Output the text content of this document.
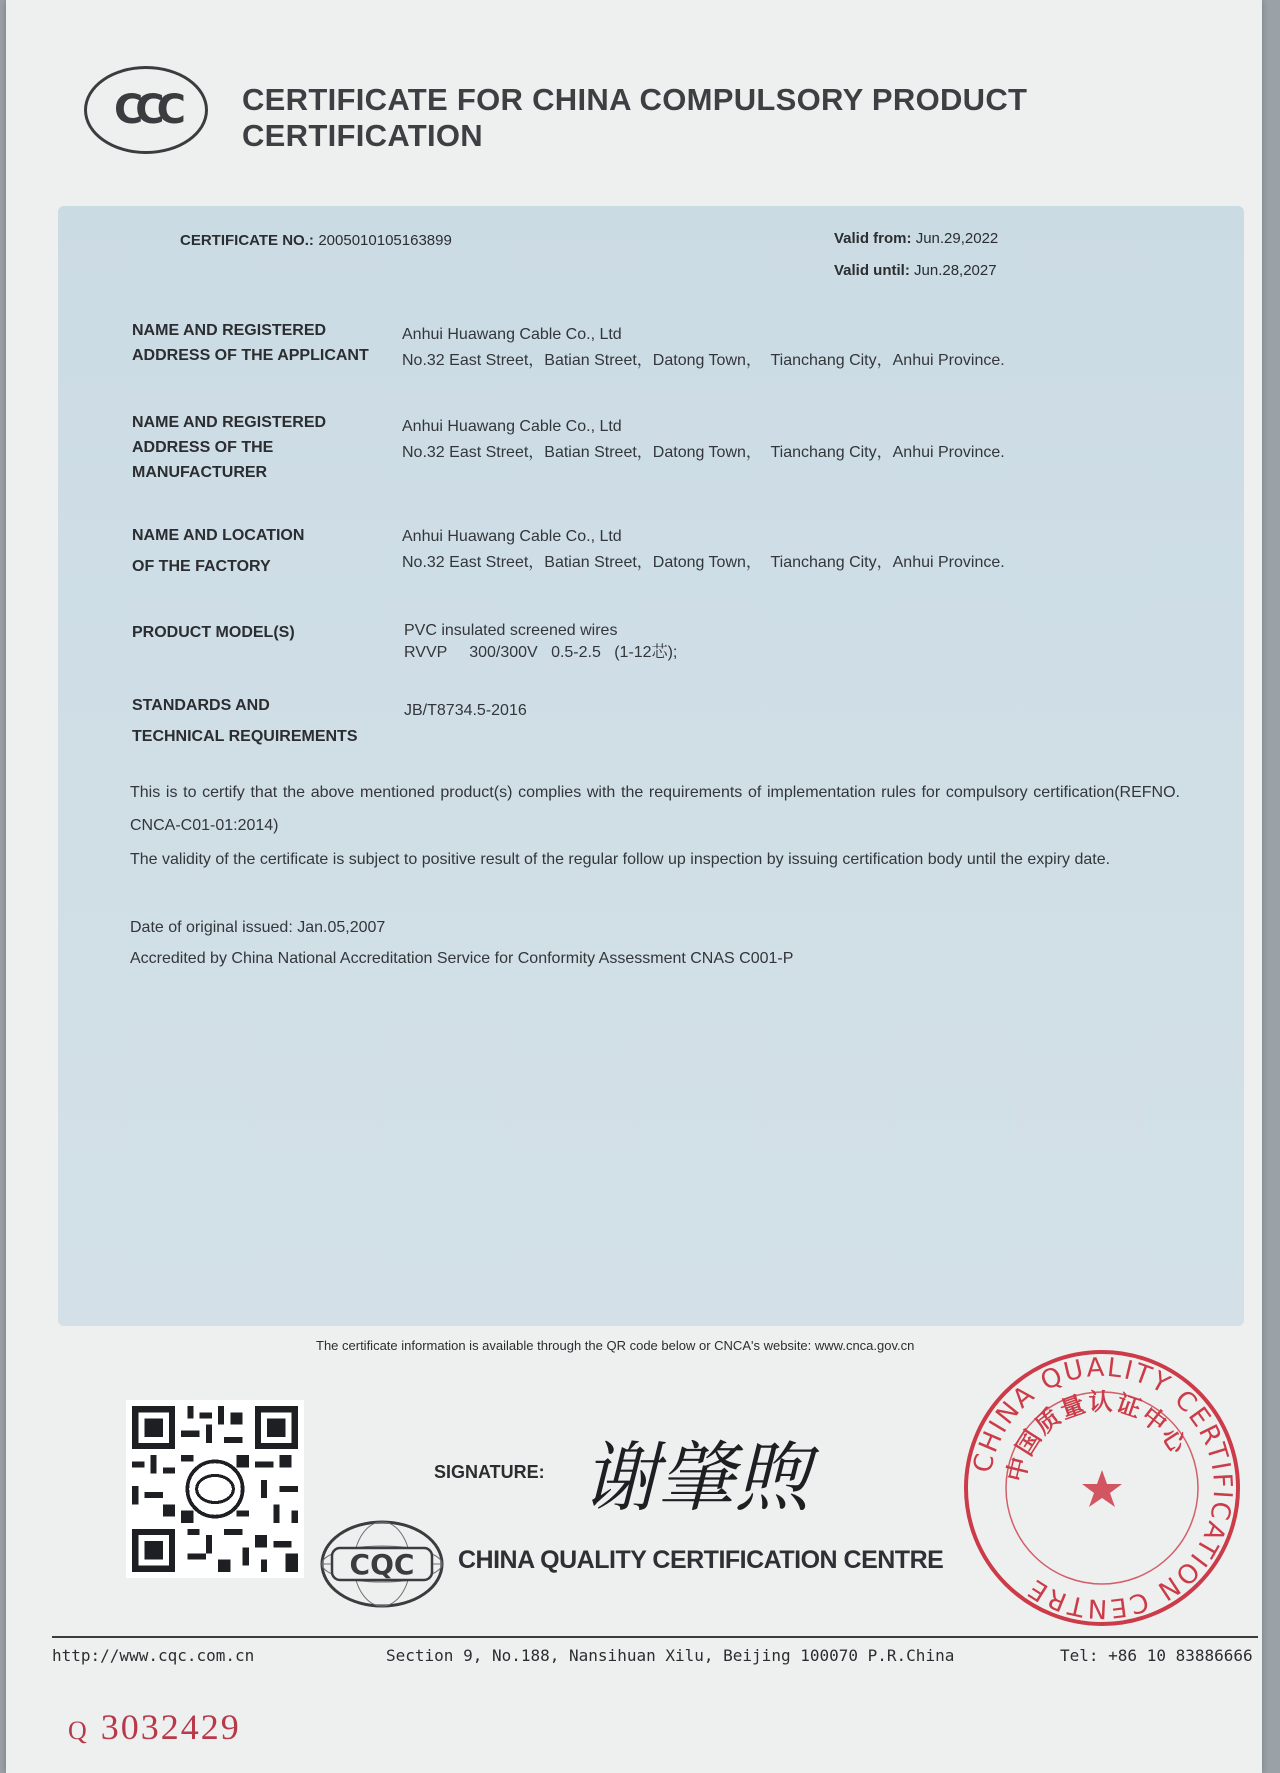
CCC CERTIFICATE FOR CHINA COMPULSORY PRODUCT CERTIFICATION
CERTIFICATE NO.: 2005010105163899	Valid from: Jun.29,2022
Valid until: Jun.28,2027
NAME AND REGISTERED
ADDRESS OF THE APPLICANT
Anhui Huawang Cable Co., Ltd
No.32 East Street，Batian Street，Datong Town，  Tianchang City，Anhui Province.
NAME AND REGISTERED
ADDRESS OF THE
MANUFACTURER
Anhui Huawang Cable Co., Ltd
No.32 East Street，Batian Street，Datong Town，  Tianchang City，Anhui Province.
NAME AND LOCATION
OF THE FACTORY
Anhui Huawang Cable Co., Ltd
No.32 East Street，Batian Street，Datong Town，  Tianchang City，Anhui Province.
PRODUCT MODEL(S)	PVC insulated screened wires
RVVP     300/300V   0.5-2.5   (1-12芯);
STANDARDS AND
TECHNICAL REQUIREMENTS
JB/T8734.5-2016
This is to certify that the above mentioned product(s) complies with the requirements of implementation rules for compulsory certification(REFNO. CNCA-C01-01:2014)
The validity of the certificate is subject to positive result of the regular follow up inspection by issuing certification body until the expiry date.
Date of original issued: Jan.05,2007
Accredited by China National Accreditation Service for Conformity Assessment CNAS C001-P
The certificate information is available through the QR code below or CNCA's website: www.cnca.gov.cn
SIGNATURE: 谢肇煦
CQC CHINA QUALITY CERTIFICATION CENTRE
CHINA QUALITY CERTIFICATION CENTRE
中国质量认证中心
http://www.cqc.com.cn	Section 9, No.188, Nansihuan Xilu, Beijing 100070 P.R.China	Tel: +86 10 83886666
Q 3032429
